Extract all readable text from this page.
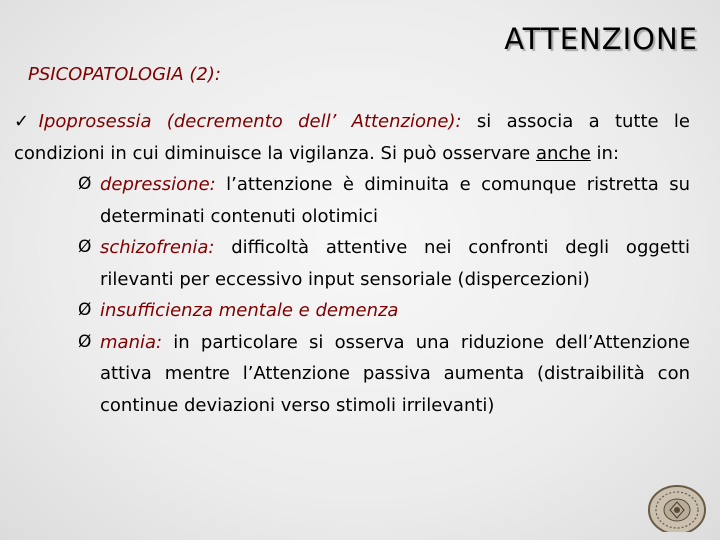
ATTENZIONE
PSICOPATOLOGIA (2):

✓Ipoprosessia (decremento dell’ Attenzione): si associa a tutte le condizioni in cui diminuisce la vigilanza. Si può osservare anche in:

Ø depressione: l’attenzione è diminuita e comunque ristretta su determinati contenuti olotimici
Ø schizofrenia: difficoltà attentive nei confronti degli oggetti rilevanti per eccessivo input sensoriale (dispercezioni)
Ø insufficienza mentale e demenza
Ø mania: in particolare si osserva una riduzione dell’Attenzione attiva mentre l’Attenzione passiva aumenta (distraibilità con continue deviazioni verso stimoli irrilevanti)
